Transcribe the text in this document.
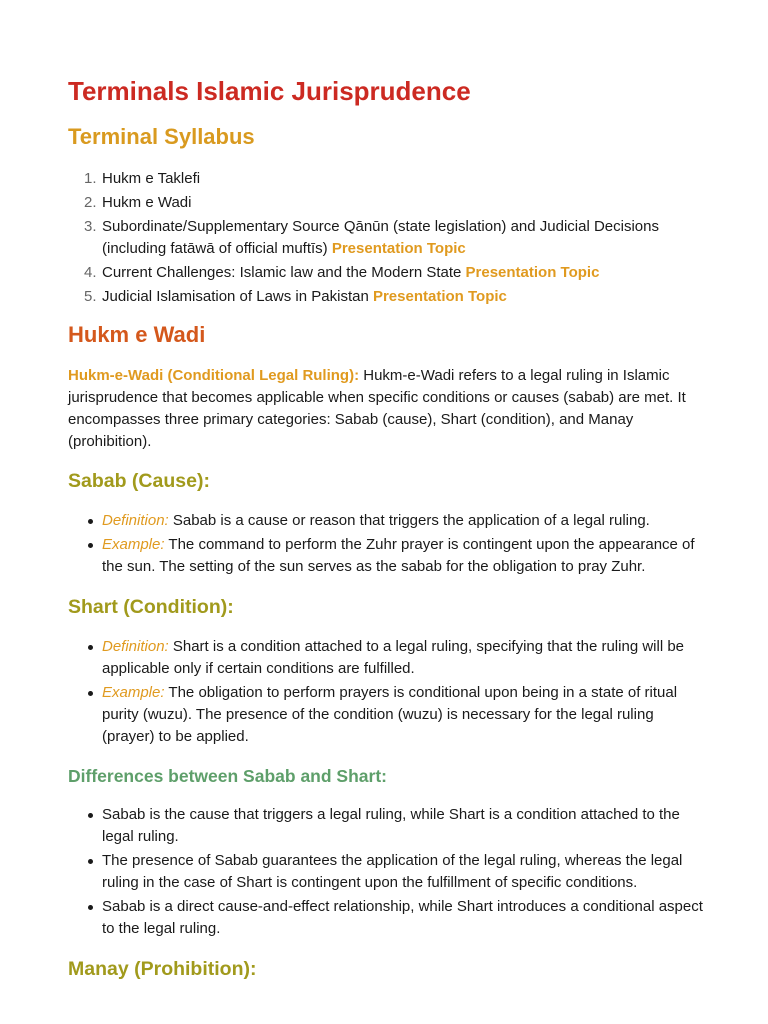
Terminals Islamic Jurisprudence
Terminal Syllabus
1. Hukm e Taklefi
2. Hukm e Wadi
3. Subordinate/Supplementary Source Qānūn (state legislation) and Judicial Decisions (including fatāwā of official muftīs) Presentation Topic
4. Current Challenges: Islamic law and the Modern State Presentation Topic
5. Judicial Islamisation of Laws in Pakistan Presentation Topic
Hukm e Wadi

Hukm-e-Wadi (Conditional Legal Ruling): Hukm-e-Wadi refers to a legal ruling in Islamic jurisprudence that becomes applicable when specific conditions or causes (sabab) are met. It encompasses three primary categories: Sabab (cause), Shart (condition), and Manay (prohibition).

Sabab (Cause):
Definition: Sabab is a cause or reason that triggers the application of a legal ruling.
Example: The command to perform the Zuhr prayer is contingent upon the appearance of the sun. The setting of the sun serves as the sabab for the obligation to pray Zuhr.
Shart (Condition):
Definition: Shart is a condition attached to a legal ruling, specifying that the ruling will be applicable only if certain conditions are fulfilled.
Example: The obligation to perform prayers is conditional upon being in a state of ritual purity (wuzu). The presence of the condition (wuzu) is necessary for the legal ruling (prayer) to be applied.
Differences between Sabab and Shart:
Sabab is the cause that triggers a legal ruling, while Shart is a condition attached to the legal ruling.
The presence of Sabab guarantees the application of the legal ruling, whereas the legal ruling in the case of Shart is contingent upon the fulfillment of specific conditions.
Sabab is a direct cause-and-effect relationship, while Shart introduces a conditional aspect to the legal ruling.
Manay (Prohibition):
